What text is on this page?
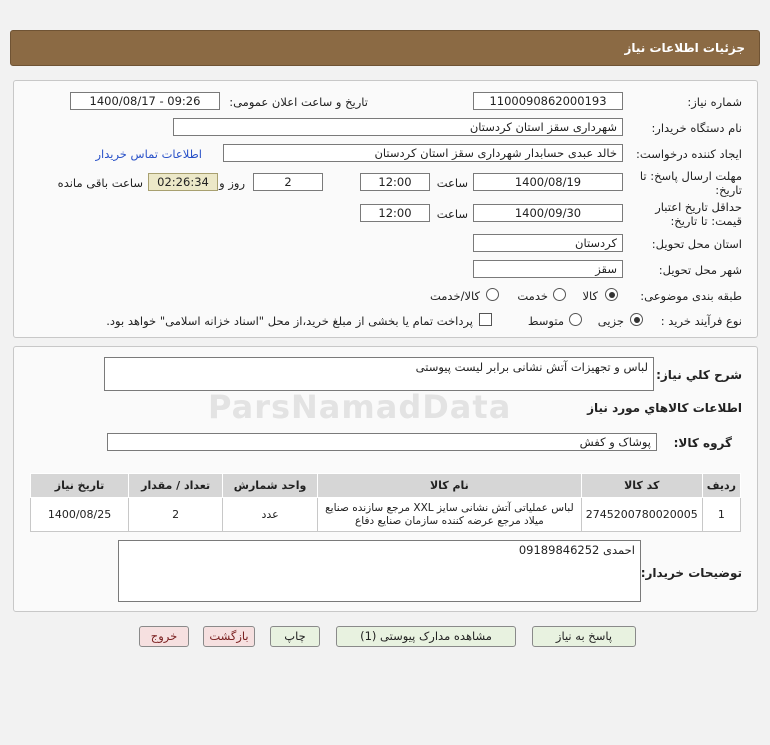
جزئیات اطلاعات نیاز
شماره نیاز:
1100090862000193
تاریخ و ساعت اعلان عمومی:
1400/08/17 - 09:26
نام دستگاه خریدار:
شهرداری سقز استان کردستان
ایجاد کننده درخواست:
خالد عبدی حسابدار شهرداری سقز استان کردستان
اطلاعات تماس خریدار
مهلت ارسال پاسخ: تا
تاریخ:
1400/08/19
ساعت
12:00
2
روز و
02:26:34
ساعت باقی مانده
حداقل تاریخ اعتبار
قیمت: تا تاریخ:
1400/09/30
ساعت
12:00
استان محل تحویل:
کردستان
شهر محل تحویل:
سقز
طبقه بندی موضوعی:
کالا
خدمت
کالا/خدمت
نوع فرآیند خرید :
جزیی
متوسط
پرداخت تمام یا بخشی از مبلغ خرید،از محل "اسناد خزانه اسلامی" خواهد بود.
شرح کلي نياز:
لباس و تجهیزات آتش نشانی برابر لیست پیوستی
اطلاعات کالاهاي مورد نياز
گروه کالا:
پوشاک و کفش
تاریخ نیاز	تعداد / مقدار	واحد شمارش	نام کالا	کد کالا	ردیف
1400/08/25	2	عدد	لباس عملیاتی آتش نشانی سایز XXL مرجع سازنده صنایع
میلاد مرجع عرضه کننده سازمان صنایع دفاع	2745200780020005	1
توضیحات خریدار:
احمدی 09189846252
پاسخ به نیاز
مشاهده مدارک پیوستی (1)
چاپ
بازگشت
خروج
